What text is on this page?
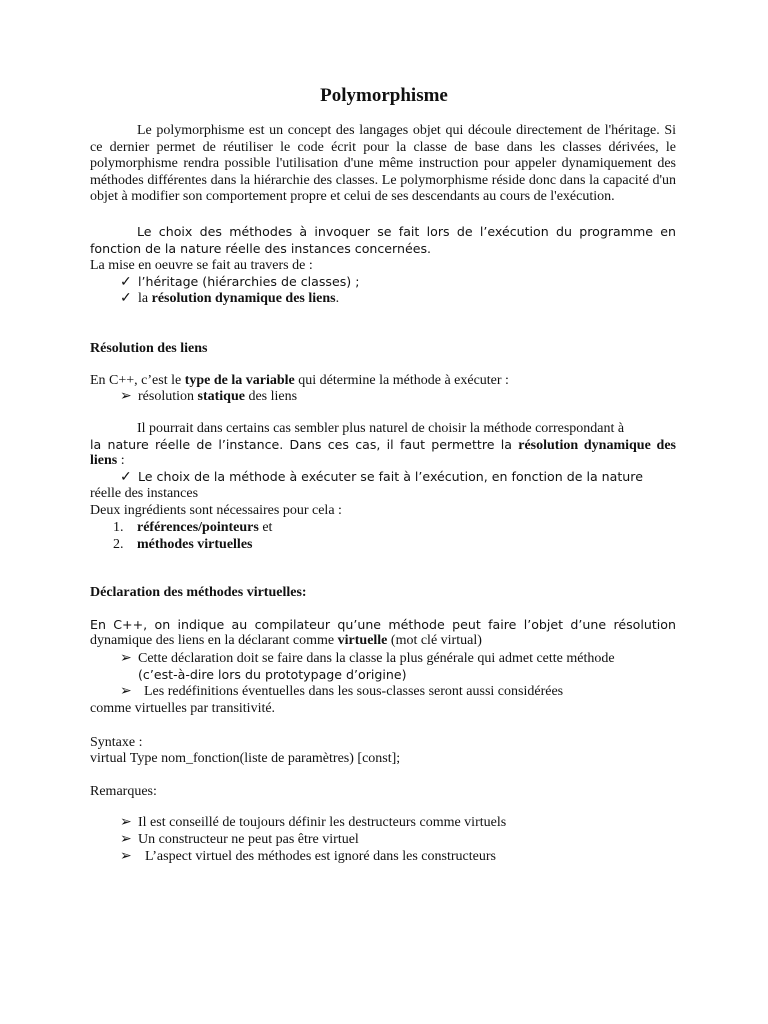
Polymorphisme

Le polymorphisme est un concept des langages objet qui découle directement de l'héritage. Si ce dernier permet de réutiliser le code écrit pour la classe de base dans les classes dérivées, le polymorphisme rendra possible l'utilisation d'une même instruction pour appeler dynamiquement des méthodes différentes dans la hiérarchie des classes. Le polymorphisme réside donc dans la capacité d'un objet à modifier son comportement propre et celui de ses descendants au cours de l'exécution.

Le choix des méthodes à invoquer se fait lors de l’exécution du programme en fonction de la nature réelle des instances concernées.

La mise en oeuvre se fait au travers de :

✓ l’héritage (hiérarchies de classes) ;

✓ la résolution dynamique des liens.

Résolution des liens

En C++, c’est le type de la variable qui détermine la méthode à exécuter :

➢ résolution statique des liens

Il pourrait dans certains cas sembler plus naturel de choisir la méthode correspondant à

la nature réelle de l’instance. Dans ces cas, il faut permettre la résolution dynamique des

liens :

✓ Le choix de la méthode à exécuter se fait à l’exécution, en fonction de la nature

réelle des instances

Deux ingrédients sont nécessaires pour cela :

1. références/pointeurs et

2. méthodes virtuelles

Déclaration des méthodes virtuelles:

En C++, on indique au compilateur qu’une méthode peut faire l’objet d’une résolution

dynamique des liens en la déclarant comme virtuelle (mot clé virtual)

➢ Cette déclaration doit se faire dans la classe la plus générale qui admet cette méthode

(c’est-à-dire lors du prototypage d’origine)

➢ Les redéfinitions éventuelles dans les sous-classes seront aussi considérées

comme virtuelles par transitivité.

Syntaxe :

virtual Type nom_fonction(liste de paramètres) [const];

Remarques:

➢ Il est conseillé de toujours définir les destructeurs comme virtuels

➢ Un constructeur ne peut pas être virtuel

➢ L’aspect virtuel des méthodes est ignoré dans les constructeurs
